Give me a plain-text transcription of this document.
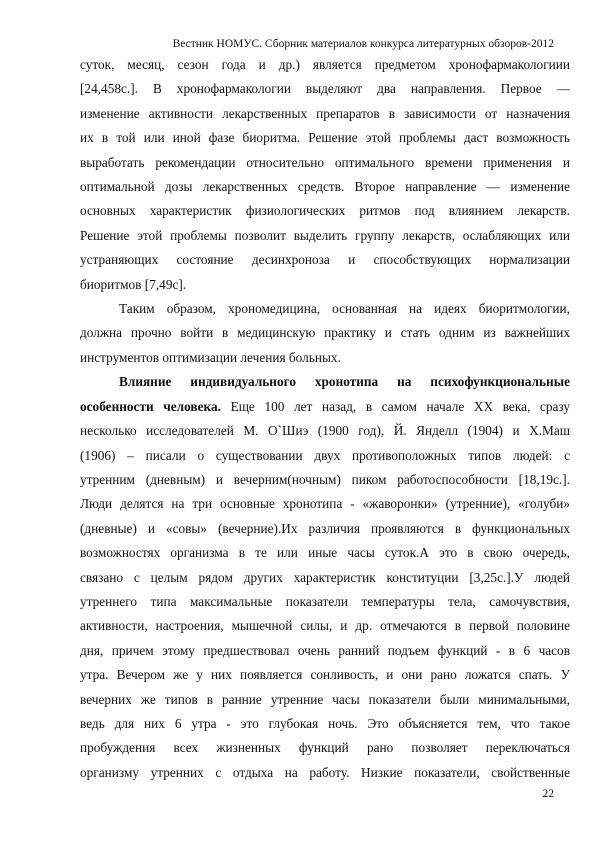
Вестник НОМУС. Сборник материалов конкурса литературных обзоров-2012
суток, месяц, сезон года и др.) является предметом хронофармакологиии
[24,458с.]. В хронофармакологии выделяют два направления. Первое —
изменение активности лекарственных препаратов в зависимости от назначения
их в той или иной фазе биоритма. Решение этой проблемы даст возможность
выработать рекомендации относительно оптимального времени применения и
оптимальной дозы лекарственных средств. Второе направление — изменение
основных характеристик физиологических ритмов под влиянием лекарств.
Решение этой проблемы позволит выделить группу лекарств, ослабляющих или
устраняющих состояние десинхроноза и способствующих нормализации
биоритмов [7,49с].
Таким образом, хрономедицина, основанная на идеях биоритмологии,
должна прочно войти в медицинскую практику и стать одним из важнейших
инструментов оптимизации лечения больных.
Влияние индивидуального хронотипа на психофункциональные
особенности человека. Еще 100 лет назад, в самом начале XX века, сразу
несколько исследователей М. О`Шиэ (1900 год), Й. Янделл (1904) и Х.Маш
(1906) – писали о существовании двух противоположных типов людей: с
утренним (дневным) и вечерним(ночным) пиком работоспособности [18,19с.].
Люди делятся на три основные хронотипа - «жаворонки» (утренние), «голуби»
(дневные) и «совы» (вечерние).Их различия проявляются в функциональных
возможностях организма в те или иные часы суток.А это в свою очередь,
связано с целым рядом других характеристик конституции [3,25с.].У людей
утреннего типа максимальные показатели температуры тела, самочувствия,
активности, настроения, мышечной силы, и др. отмечаются в первой половине
дня, причем этому предшествовал очень ранний подъем функций - в 6 часов
утра. Вечером же у них появляется сонливость, и они рано ложатся спать. У
вечерних же типов в ранние утренние часы показатели были минимальными,
ведь для них 6 утра - это глубокая ночь. Это объясняется тем, что такое
пробуждения всех жизненных функций рано позволяет переключаться
организму утренних с отдыха на работу. Низкие показатели, свойственные
22
